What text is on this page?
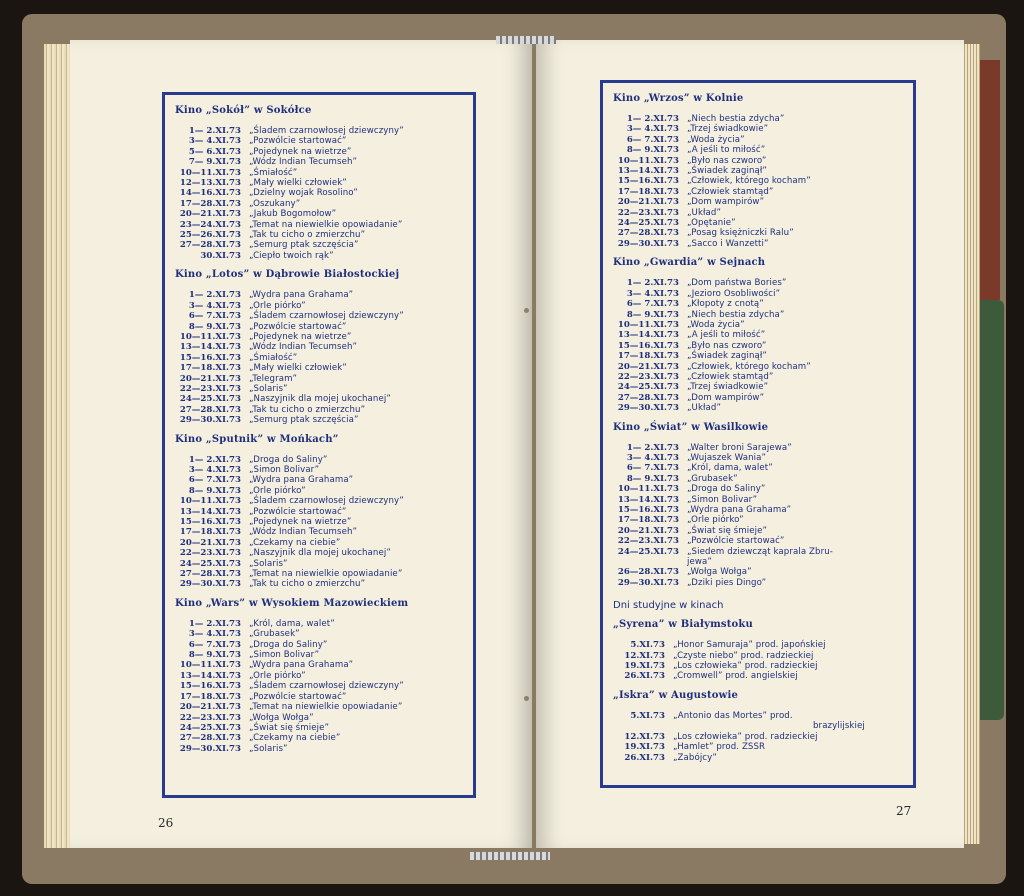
Kino „Sokół” w Sokółce
1— 2.XI.73 „Śladem czarnowłosej dziewczyny”
3— 4.XI.73 „Pozwólcie startować”
5— 6.XI.73 „Pojedynek na wietrze”
7— 9.XI.73 „Wódz Indian Tecumseh”
10—11.XI.73 „Śmiałość”
12—13.XI.73 „Mały wielki człowiek”
14—16.XI.73 „Dzielny wojak Rosolino”
17—28.XI.73 „Oszukany”
20—21.XI.73 „Jakub Bogomołow”
23—24.XI.73 „Temat na niewielkie opowiadanie”
25—26.XI.73 „Tak tu cicho o zmierzchu”
27—28.XI.73 „Semurg ptak szczęścia”
30.XI.73 „Ciepło twoich rąk”
Kino „Lotos” w Dąbrowie Białostockiej
1— 2.XI.73 „Wydra pana Grahama”
3— 4.XI.73 „Orle piórko”
6— 7.XI.73 „Śladem czarnowłosej dziewczyny”
8— 9.XI.73 „Pozwólcie startować”
10—11.XI.73 „Pojedynek na wietrze”
13—14.XI.73 „Wódz Indian Tecumseh”
15—16.XI.73 „Śmiałość”
17—18.XI.73 „Mały wielki człowiek”
20—21.XI.73 „Telegram”
22—23.XI.73 „Solaris”
24—25.XI.73 „Naszyjnik dla mojej ukochanej”
27—28.XI.73 „Tak tu cicho o zmierzchu”
29—30.XI.73 „Semurg ptak szczęścia”
Kino „Sputnik” w Mońkach”
1— 2.XI.73 „Droga do Saliny”
3— 4.XI.73 „Simon Bolivar”
6— 7.XI.73 „Wydra pana Grahama”
8— 9.XI.73 „Orle piórko”
10—11.XI.73 „Śladem czarnowłosej dziewczyny”
13—14.XI.73 „Pozwólcie startować”
15—16.XI.73 „Pojedynek na wietrze”
17—18.XI.73 „Wódz Indian Tecumseh”
20—21.XI.73 „Czekamy na ciebie”
22—23.XI.73 „Naszyjnik dla mojej ukochanej”
24—25.XI.73 „Solaris”
27—28.XI.73 „Temat na niewielkie opowiadanie”
29—30.XI.73 „Tak tu cicho o zmierzchu”
Kino „Wars” w Wysokiem Mazowieckiem
1— 2.XI.73 „Król, dama, walet”
3— 4.XI.73 „Grubasek”
6— 7.XI.73 „Droga do Saliny”
8— 9.XI.73 „Simon Bolivar”
10—11.XI.73 „Wydra pana Grahama”
13—14.XI.73 „Orle piórko”
15—16.XI.73 „Śladem czarnowłosej dziewczyny”
17—18.XI.73 „Pozwólcie startować”
20—21.XI.73 „Temat na niewielkie opowiadanie”
22—23.XI.73 „Wołga Wołga”
24—25.XI.73 „Świat się śmieje”
27—28.XI.73 „Czekamy na ciebie”
29—30.XI.73 „Solaris”
26
Kino „Wrzos” w Kolnie
1— 2.XI.73 „Niech bestia zdycha”
3— 4.XI.73 „Trzej świadkowie”
6— 7.XI.73 „Woda życia”
8— 9.XI.73 „A jeśli to miłość”
10—11.XI.73 „Było nas czworo”
13—14.XI.73 „Świadek zaginął”
15—16.XI.73 „Człowiek, którego kocham”
17—18.XI.73 „Człowiek stamtąd”
20—21.XI.73 „Dom wampirów”
22—23.XI.73 „Układ”
24—25.XI.73 „Opętanie”
27—28.XI.73 „Posag księżniczki Ralu”
29—30.XI.73 „Sacco i Wanzetti”
Kino „Gwardia” w Sejnach
1— 2.XI.73 „Dom państwa Bories”
3— 4.XI.73 „Jezioro Osobliwości”
6— 7.XI.73 „Kłopoty z cnotą”
8— 9.XI.73 „Niech bestia zdycha”
10—11.XI.73 „Woda życia”
13—14.XI.73 „A jeśli to miłość”
15—16.XI.73 „Było nas czworo”
17—18.XI.73 „Świadek zaginął”
20—21.XI.73 „Człowiek, którego kocham”
22—23.XI.73 „Człowiek stamtąd”
24—25.XI.73 „Trzej świadkowie”
27—28.XI.73 „Dom wampirów”
29—30.XI.73 „Układ”
Kino „Świat” w Wasilkowie
1— 2.XI.73 „Walter broni Sarajewa”
3— 4.XI.73 „Wujaszek Wania”
6— 7.XI.73 „Król, dama, walet”
8— 9.XI.73 „Grubasek”
10—11.XI.73 „Droga do Saliny”
13—14.XI.73 „Simon Bolivar”
15—16.XI.73 „Wydra pana Grahama”
17—18.XI.73 „Orle piórko”
20—21.XI.73 „Świat się śmieje”
22—23.XI.73 „Pozwólcie startować”
24—25.XI.73 „Siedem dziewcząt kaprala Zbru-
jewa”
26—28.XI.73 „Wołga Wołga”
29—30.XI.73 „Dziki pies Dingo”
Dni studyjne w kinach
„Syrena” w Białymstoku
5.XI.73 „Honor Samuraja” prod. japońskiej
12.XI.73 „Czyste niebo” prod. radzieckiej
19.XI.73 „Los człowieka” prod. radzieckiej
26.XI.73 „Cromwell” prod. angielskiej
„Iskra” w Augustowie
5.XI.73 „Antonio das Mortes” prod.
brazylijskiej
12.XI.73 „Los człowieka” prod. radzieckiej
19.XI.73 „Hamlet” prod. ZSSR
26.XI.73 „Zabójcy”
27
